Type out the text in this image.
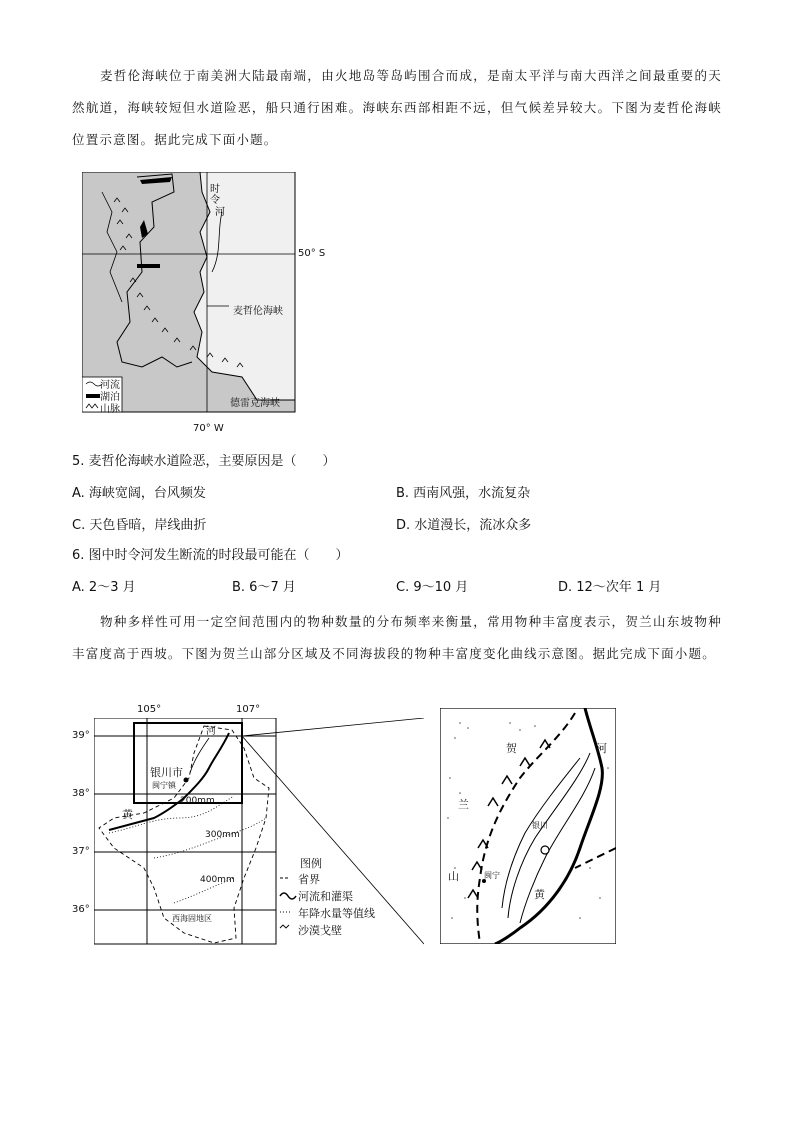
麦哲伦海峡位于南美洲大陆最南端，由火地岛等岛屿围合而成，是南太平洋与南大西洋之间最重要的天然航道，海峡较短但水道险恶，船只通行困难。海峡东西部相距不远，但气候差异较大。下图为麦哲伦海峡位置示意图。据此完成下面小题。
时
令
河
50° S
麦哲伦海峡
德雷克海峡
70° W
河流
湖泊
山脉
5. 麦哲伦海峡水道险恶，主要原因是（　　）
A. 海峡宽阔，台风频发	B. 西南风强，水流复杂
C. 天色昏暗，岸线曲折	D. 水道漫长，流冰众多
6. 图中时令河发生断流的时段最可能在（　　）
A. 2～3 月	B. 6～7 月	C. 9～10 月	D. 12～次年 1 月
物种多样性可用一定空间范围内的物种数量的分布频率来衡量，常用物种丰富度表示，贺兰山东坡物种丰富度高于西坡。下图为贺兰山部分区域及不同海拔段的物种丰富度变化曲线示意图。据此完成下面小题。
105°	107°
39°
38°
37°
36°
河
银川市
闽宁镇
黄
200mm
300mm
400mm
西海固地区
图例
省界
河流和灌渠
年降水量等值线
沙漠戈壁
贺
兰
山
河
黄
银川
闽宁
